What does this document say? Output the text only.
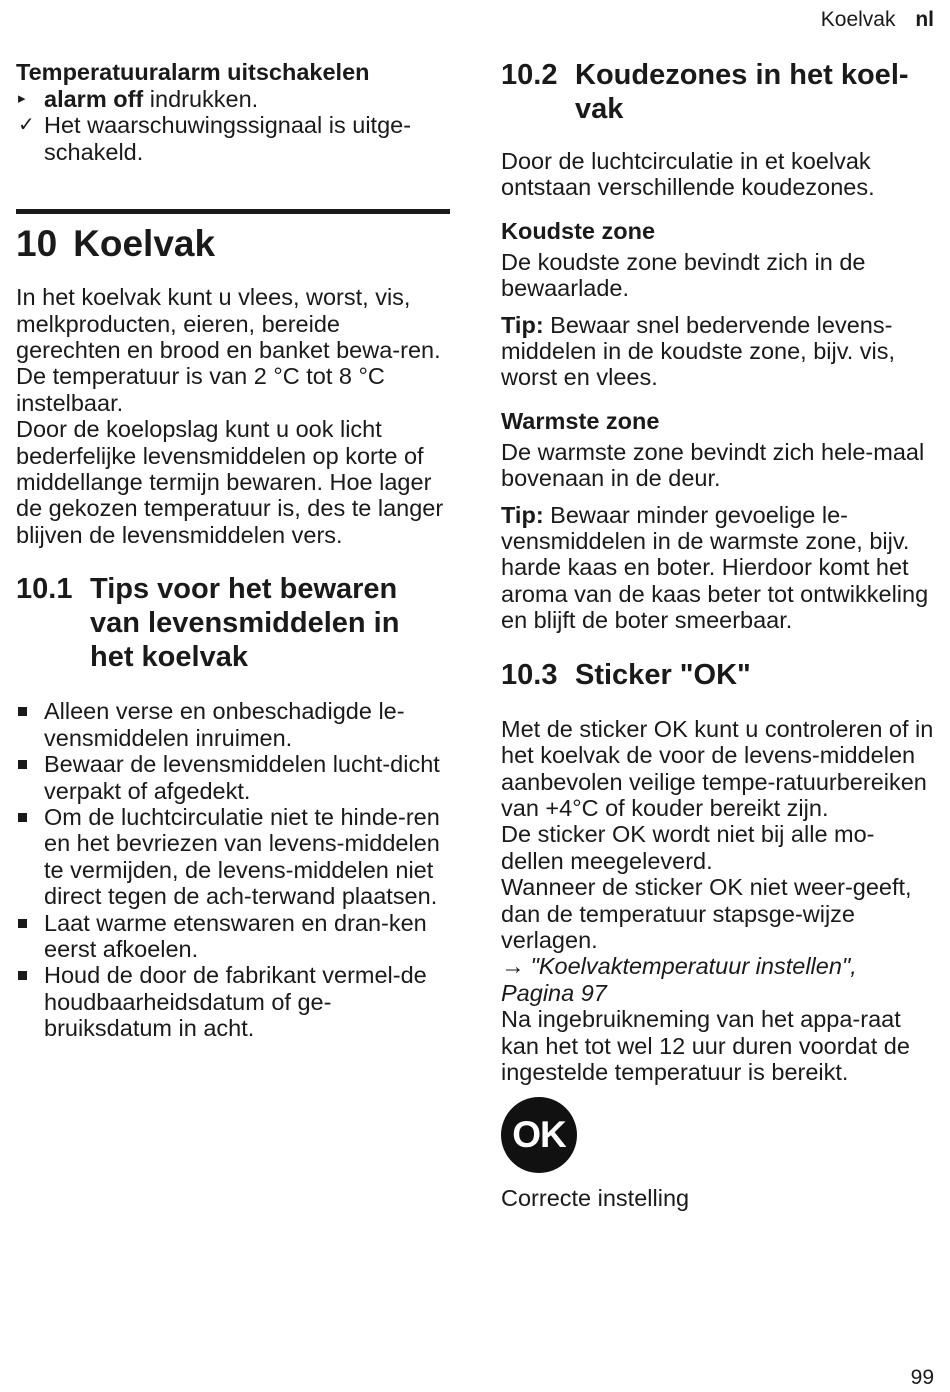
Koelvak nl
Temperatuuralarm uitschakelen
▸ alarm off indrukken.
✓ Het waarschuwingssignaal is uitge-schakeld.
10 Koelvak

In het koelvak kunt u vlees, worst, vis, melkproducten, eieren, bereide gerechten en brood en banket bewa-ren.

De temperatuur is van 2 °C tot 8 °C instelbaar.

Door de koelopslag kunt u ook licht bederfelijke levensmiddelen op korte of middellange termijn bewaren. Hoe lager de gekozen temperatuur is, des te langer blijven de levensmiddelen vers.

10.1 Tips voor het bewaren van levensmiddelen in het koelvak
Alleen verse en onbeschadigde le-vensmiddelen inruimen.
Bewaar de levensmiddelen lucht-dicht verpakt of afgedekt.
Om de luchtcirculatie niet te hinde-ren en het bevriezen van levens-middelen te vermijden, de levens-middelen niet direct tegen de ach-terwand plaatsen.
Laat warme etenswaren en dran-ken eerst afkoelen.
Houd de door de fabrikant vermel-de houdbaarheidsdatum of ge-bruiksdatum in acht.
10.2 Koudezones in het koel-vak

Door de luchtcirculatie in et koelvak ontstaan verschillende koudezones.

Koudste zone

De koudste zone bevindt zich in de bewaarlade.

Tip: Bewaar snel bedervende levens-middelen in de koudste zone, bijv. vis, worst en vlees.

Warmste zone

De warmste zone bevindt zich hele-maal bovenaan in de deur.

Tip: Bewaar minder gevoelige le-vensmiddelen in de warmste zone, bijv. harde kaas en boter. Hierdoor komt het aroma van de kaas beter tot ontwikkeling en blijft de boter smeerbaar.

10.3 Sticker "OK"

Met de sticker OK kunt u controleren of in het koelvak de voor de levens-middelen aanbevolen veilige tempe-ratuurbereiken van +4°C of kouder bereikt zijn.

De sticker OK wordt niet bij alle mo-dellen meegeleverd.

Wanneer de sticker OK niet weer-geeft, dan de temperatuur stapsge-wijze verlagen.

→ "Koelvaktemperatuur instellen", Pagina 97

Na ingebruikneming van het appa-raat kan het tot wel 12 uur duren voordat de ingestelde temperatuur is bereikt.

OK

Correcte instelling

99
